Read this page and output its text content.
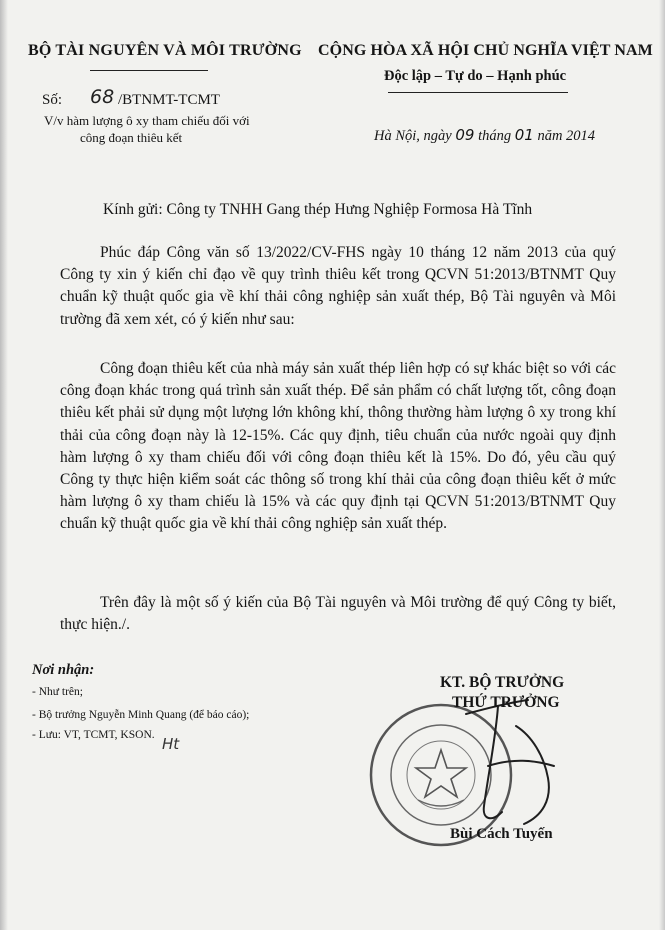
BỘ TÀI NGUYÊN VÀ MÔI TRƯỜNG CỘNG HÒA XÃ HỘI CHỦ NGHĨA VIỆT NAM
Độc lập – Tự do – Hạnh phúc
Số: 68 /BTNMT-TCMT
V/v hàm lượng ô xy tham chiếu đối với
công đoạn thiêu kết	Hà Nội, ngày 09 tháng 01 năm 2014
Kính gửi: Công ty TNHH Gang thép Hưng Nghiệp Formosa Hà Tĩnh
Phúc đáp Công văn số 13/2022/CV-FHS ngày 10 tháng 12 năm 2013 của quý Công ty xin ý kiến chỉ đạo về quy trình thiêu kết trong QCVN 51:2013/BTNMT Quy chuẩn kỹ thuật quốc gia về khí thải công nghiệp sản xuất thép, Bộ Tài nguyên và Môi trường đã xem xét, có ý kiến như sau:
Công đoạn thiêu kết của nhà máy sản xuất thép liên hợp có sự khác biệt so với các công đoạn khác trong quá trình sản xuất thép. Để sản phẩm có chất lượng tốt, công đoạn thiêu kết phải sử dụng một lượng lớn không khí, thông thường hàm lượng ô xy trong khí thải của công đoạn này là 12-15%. Các quy định, tiêu chuẩn của nước ngoài quy định hàm lượng ô xy tham chiếu đối với công đoạn thiêu kết là 15%. Do đó, yêu cầu quý Công ty thực hiện kiểm soát các thông số trong khí thải của công đoạn thiêu kết ở mức hàm lượng ô xy tham chiếu là 15% và các quy định tại QCVN 51:2013/BTNMT Quy chuẩn kỹ thuật quốc gia về khí thải công nghiệp sản xuất thép.
Trên đây là một số ý kiến của Bộ Tài nguyên và Môi trường để quý Công ty biết, thực hiện./.
Nơi nhận:
- Như trên;
- Bộ trưởng Nguyễn Minh Quang (để báo cáo);
- Lưu: VT, TCMT, KSON. Ht
KT. BỘ TRƯỞNG
THỨ TRƯỞNG
Bùi Cách Tuyến
